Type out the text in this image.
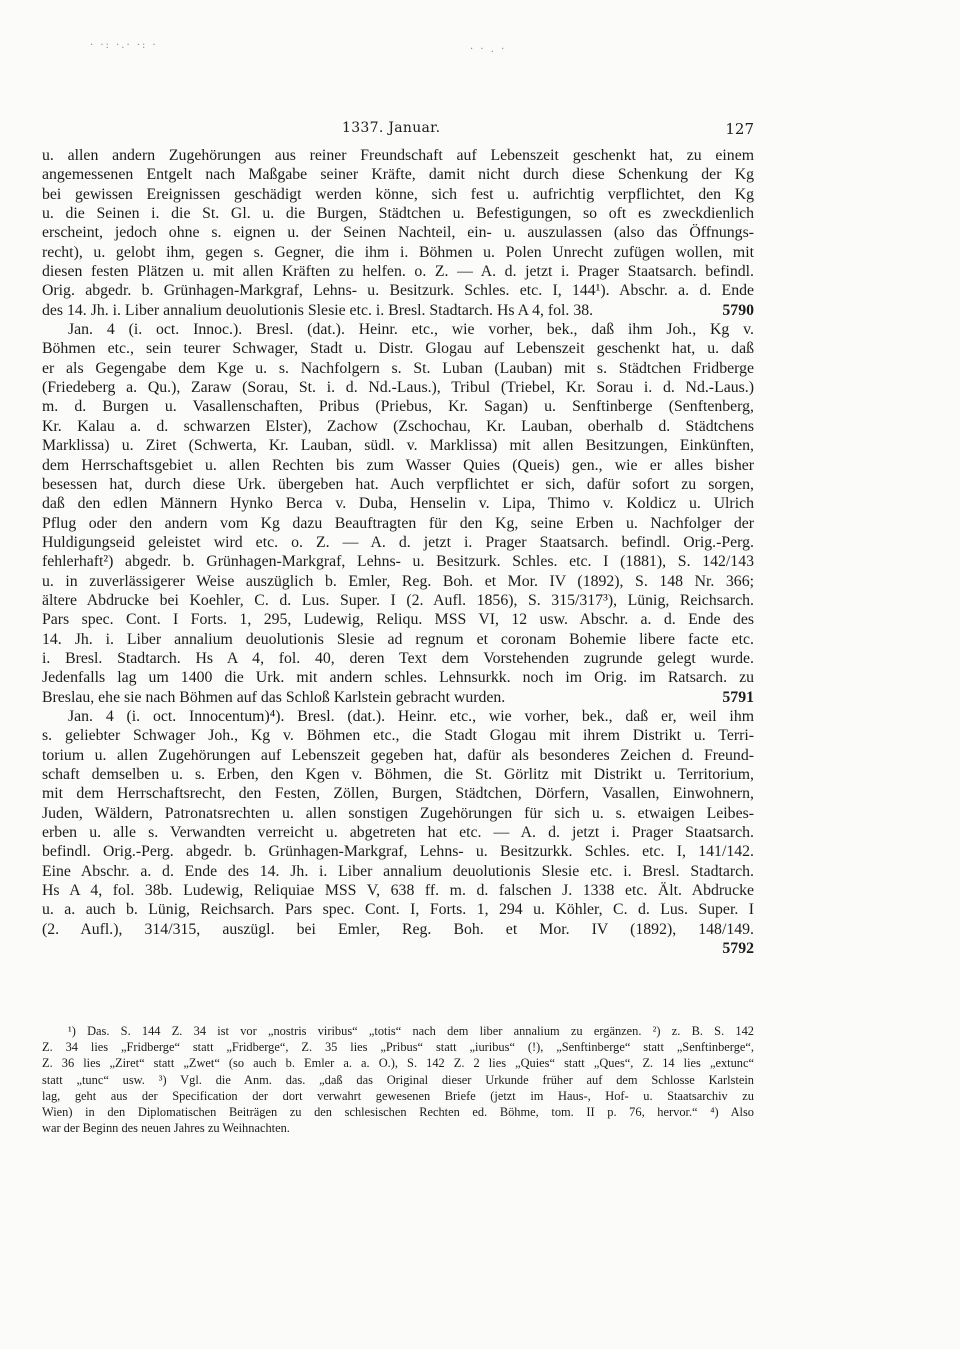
· ·: ·.· ·: ·	· · . ·
1337. Januar.	127
u. allen andern Zugehörungen aus reiner Freundschaft auf Lebenszeit geschenkt hat, zu einem
angemessenen Entgelt nach Maßgabe seiner Kräfte, damit nicht durch diese Schenkung der Kg
bei gewissen Ereignissen geschädigt werden könne, sich fest u. aufrichtig verpflichtet, den Kg
u. die Seinen i. die St. Gl. u. die Burgen, Städtchen u. Befestigungen, so oft es zweckdienlich
erscheint, jedoch ohne s. eignen u. der Seinen Nachteil, ein- u. auszulassen (also das Öffnungs-
recht), u. gelobt ihm, gegen s. Gegner, die ihm i. Böhmen u. Polen Unrecht zufügen wollen, mit
diesen festen Plätzen u. mit allen Kräften zu helfen. o. Z. — A. d. jetzt i. Prager Staatsarch. befindl.
Orig. abgedr. b. Grünhagen-Markgraf, Lehns- u. Besitzurk. Schles. etc. I, 144¹). Abschr. a. d. Ende
des 14. Jh. i. Liber annalium deuolutionis Slesie etc. i. Bresl. Stadtarch. Hs A 4, fol. 38.	5790
Jan. 4 (i. oct. Innoc.). Bresl. (dat.). Heinr. etc., wie vorher, bek., daß ihm Joh., Kg v.
Böhmen etc., sein teurer Schwager, Stadt u. Distr. Glogau auf Lebenszeit geschenkt hat, u. daß
er als Gegengabe dem Kge u. s. Nachfolgern s. St. Luban (Lauban) mit s. Städtchen Fridberge
(Friedeberg a. Qu.), Zaraw (Sorau, St. i. d. Nd.-Laus.), Tribul (Triebel, Kr. Sorau i. d. Nd.-Laus.)
m. d. Burgen u. Vasallenschaften, Pribus (Priebus, Kr. Sagan) u. Senftinberge (Senftenberg,
Kr. Kalau a. d. schwarzen Elster), Zachow (Zschochau, Kr. Lauban, oberhalb d. Städtchens
Marklissa) u. Ziret (Schwerta, Kr. Lauban, südl. v. Marklissa) mit allen Besitzungen, Einkünften,
dem Herrschaftsgebiet u. allen Rechten bis zum Wasser Quies (Queis) gen., wie er alles bisher
besessen hat, durch diese Urk. übergeben hat. Auch verpflichtet er sich, dafür sofort zu sorgen,
daß den edlen Männern Hynko Berca v. Duba, Henselin v. Lipa, Thimo v. Koldicz u. Ulrich
Pflug oder den andern vom Kg dazu Beauftragten für den Kg, seine Erben u. Nachfolger der
Huldigungseid geleistet wird etc. o. Z. — A. d. jetzt i. Prager Staatsarch. befindl. Orig.-Perg.
fehlerhaft²) abgedr. b. Grünhagen-Markgraf, Lehns- u. Besitzurk. Schles. etc. I (1881), S. 142/143
u. in zuverlässigerer Weise auszüglich b. Emler, Reg. Boh. et Mor. IV (1892), S. 148 Nr. 366;
ältere Abdrucke bei Koehler, C. d. Lus. Super. I (2. Aufl. 1856), S. 315/317³), Lünig, Reichsarch.
Pars spec. Cont. I Forts. 1, 295, Ludewig, Reliqu. MSS VI, 12 usw. Abschr. a. d. Ende des
14. Jh. i. Liber annalium deuolutionis Slesie ad regnum et coronam Bohemie libere facte etc.
i. Bresl. Stadtarch. Hs A 4, fol. 40, deren Text dem Vorstehenden zugrunde gelegt wurde.
Jedenfalls lag um 1400 die Urk. mit andern schles. Lehnsurkk. noch im Orig. im Ratsarch. zu
Breslau, ehe sie nach Böhmen auf das Schloß Karlstein gebracht wurden.	5791
Jan. 4 (i. oct. Innocentum)⁴). Bresl. (dat.). Heinr. etc., wie vorher, bek., daß er, weil ihm
s. geliebter Schwager Joh., Kg v. Böhmen etc., die Stadt Glogau mit ihrem Distrikt u. Terri-
torium u. allen Zugehörungen auf Lebenszeit gegeben hat, dafür als besonderes Zeichen d. Freund-
schaft demselben u. s. Erben, den Kgen v. Böhmen, die St. Görlitz mit Distrikt u. Territorium,
mit dem Herrschaftsrecht, den Festen, Zöllen, Burgen, Städtchen, Dörfern, Vasallen, Einwohnern,
Juden, Wäldern, Patronatsrechten u. allen sonstigen Zugehörungen für sich u. s. etwaigen Leibes-
erben u. alle s. Verwandten verreicht u. abgetreten hat etc. — A. d. jetzt i. Prager Staatsarch.
befindl. Orig.-Perg. abgedr. b. Grünhagen-Markgraf, Lehns- u. Besitzurkk. Schles. etc. I, 141/142.
Eine Abschr. a. d. Ende des 14. Jh. i. Liber annalium deuolutionis Slesie etc. i. Bresl. Stadtarch.
Hs A 4, fol. 38b. Ludewig, Reliquiae MSS V, 638 ff. m. d. falschen J. 1338 etc. Ält. Abdrucke
u. a. auch b. Lünig, Reichsarch. Pars spec. Cont. I, Forts. 1, 294 u. Köhler, C. d. Lus. Super. I
(2. Aufl.), 314/315, auszügl. bei Emler, Reg. Boh. et Mor. IV (1892), 148/149.
5792
¹) Das. S. 144 Z. 34 ist vor „nostris viribus“ „totis“ nach dem liber annalium zu ergänzen. ²) z. B. S. 142
Z. 34 lies „Fridberge“ statt „Fridberge“, Z. 35 lies „Pribus“ statt „iuribus“ (!), „Senftinberge“ statt „Senftinberge“,
Z. 36 lies „Ziret“ statt „Zwet“ (so auch b. Emler a. a. O.), S. 142 Z. 2 lies „Quies“ statt „Ques“, Z. 14 lies „extunc“
statt „tunc“ usw. ³) Vgl. die Anm. das. „daß das Original dieser Urkunde früher auf dem Schlosse Karlstein
lag, geht aus der Specification der dort verwahrt gewesenen Briefe (jetzt im Haus-, Hof- u. Staatsarchiv zu
Wien) in den Diplomatischen Beiträgen zu den schlesischen Rechten ed. Böhme, tom. II p. 76, hervor.“ ⁴) Also
war der Beginn des neuen Jahres zu Weihnachten.
